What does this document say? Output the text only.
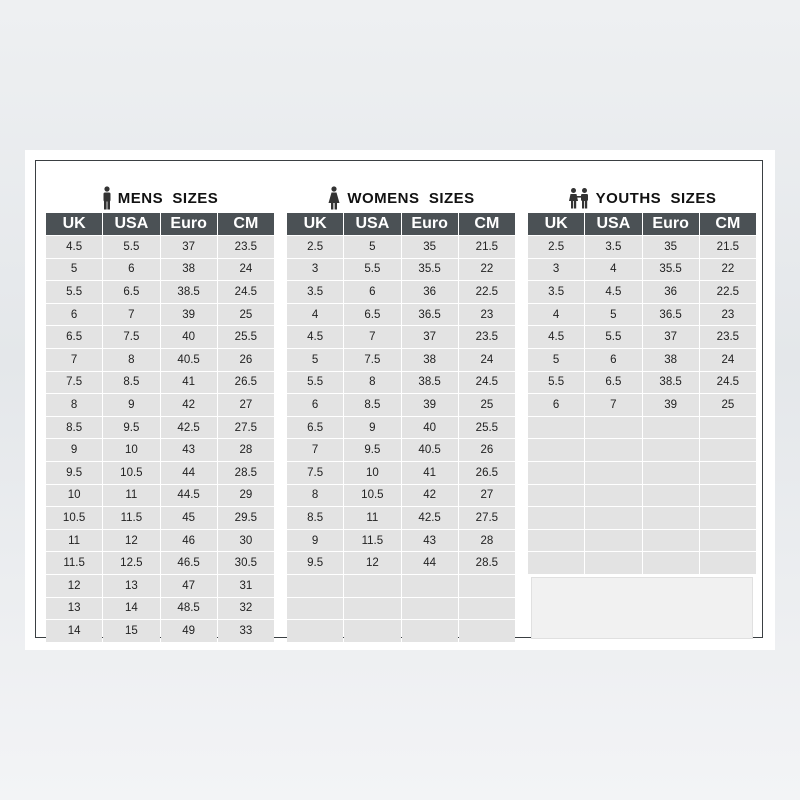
MENS  SIZES
UK	USA	Euro	CM
4.5	5.5	37	23.5
5	6	38	24
5.5	6.5	38.5	24.5
6	7	39	25
6.5	7.5	40	25.5
7	8	40.5	26
7.5	8.5	41	26.5
8	9	42	27
8.5	9.5	42.5	27.5
9	10	43	28
9.5	10.5	44	28.5
10	11	44.5	29
10.5	11.5	45	29.5
11	12	46	30
11.5	12.5	46.5	30.5
12	13	47	31
13	14	48.5	32
14	15	49	33
WOMENS  SIZES
UK	USA	Euro	CM
2.5	5	35	21.5
3	5.5	35.5	22
3.5	6	36	22.5
4	6.5	36.5	23
4.5	7	37	23.5
5	7.5	38	24
5.5	8	38.5	24.5
6	8.5	39	25
6.5	9	40	25.5
7	9.5	40.5	26
7.5	10	41	26.5
8	10.5	42	27
8.5	11	42.5	27.5
9	11.5	43	28
9.5	12	44	28.5
YOUTHS  SIZES
UK	USA	Euro	CM
2.5	3.5	35	21.5
3	4	35.5	22
3.5	4.5	36	22.5
4	5	36.5	23
4.5	5.5	37	23.5
5	6	38	24
5.5	6.5	38.5	24.5
6	7	39	25
